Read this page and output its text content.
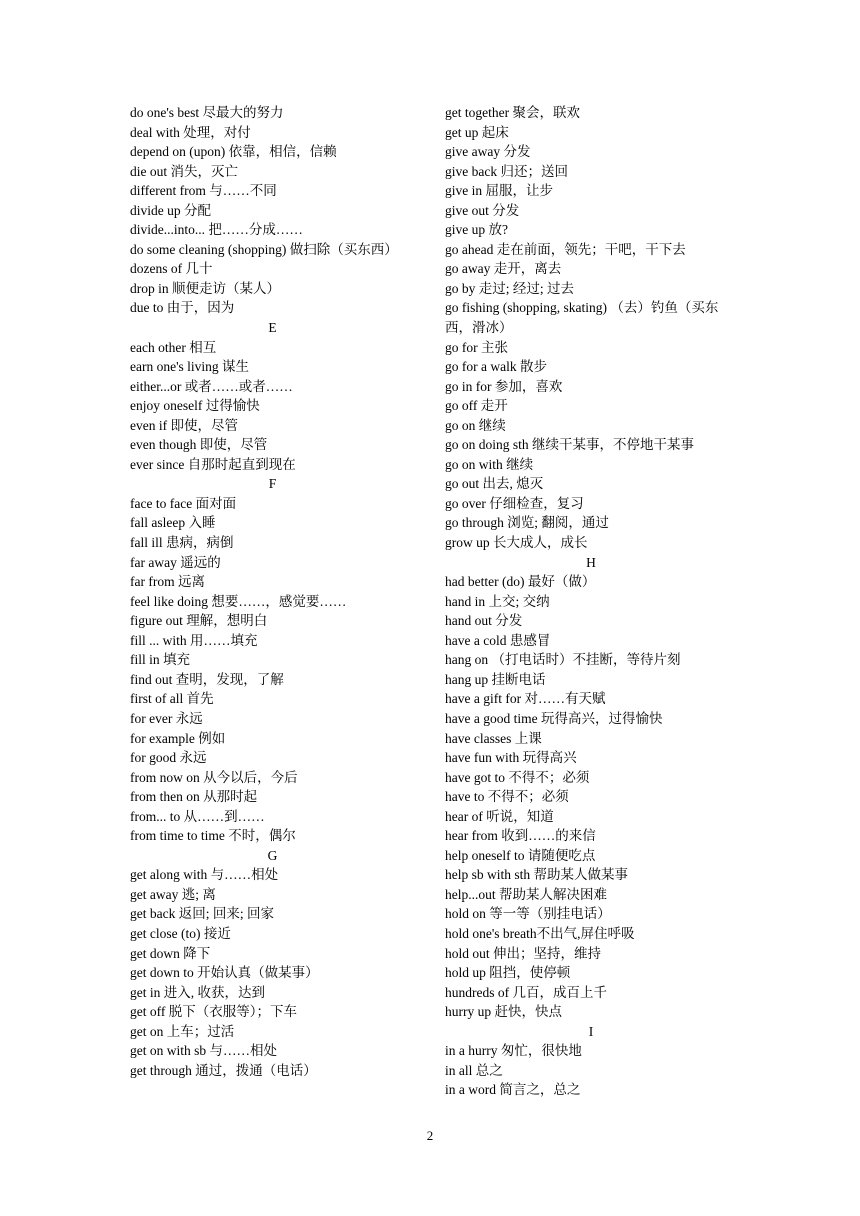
do one's best 尽最大的努力
deal with 处理，对付
depend on (upon) 依靠，相信，信赖
die out 消失，灭亡
different from 与……不同
divide up 分配
divide...into... 把……分成……
do some cleaning (shopping) 做扫除（买东西）
dozens of 几十
drop in 顺便走访（某人）
due to 由于，因为
E
each other 相互
earn one's living 谋生
either...or 或者……或者……
enjoy oneself 过得愉快
even if 即使，尽管
even though 即使，尽管
ever since 自那时起直到现在
F
face to face 面对面
fall asleep 入睡
fall ill 患病，病倒
far away 遥远的
far from 远离
feel like doing 想要……，感觉要……
figure out 理解，想明白
fill ... with 用……填充
fill in 填充
find out 查明，发现，了解
first of all 首先
for ever 永远
for example 例如
for good 永远
from now on 从今以后，今后
from then on 从那时起
from... to 从……到……
from time to time 不时，偶尔
G
get along with 与……相处
get away 逃; 离
get back 返回; 回来; 回家
get close (to) 接近
get down 降下
get down to 开始认真（做某事）
get in 进入, 收获，达到
get off 脱下（衣服等）；下车
get on 上车；过活
get on with sb 与……相处
get through 通过，拨通（电话）
get together 聚会，联欢
get up 起床
give away 分发
give back 归还；送回
give in 屈服，让步
give out 分发
give up 放?
go ahead 走在前面，领先；干吧，干下去
go away 走开，离去
go by 走过; 经过; 过去
go fishing (shopping, skating) （去）钓鱼（买东西，滑冰）
go for 主张
go for a walk 散步
go in for 参加，喜欢
go off 走开
go on 继续
go on doing sth 继续干某事，不停地干某事
go on with 继续
go out 出去, 熄灭
go over 仔细检查，复习
go through 浏览; 翻阅，通过
grow up 长大成人，成长
H
had better (do) 最好（做）
hand in 上交; 交纳
hand out 分发
have a cold 患感冒
hang on （打电话时）不挂断，等待片刻
hang up 挂断电话
have a gift for 对……有天赋
have a good time 玩得高兴，过得愉快
have classes 上课
have fun with 玩得高兴
have got to 不得不；必须
have to 不得不；必须
hear of 听说，知道
hear from 收到……的来信
help oneself to 请随便吃点
help sb with sth 帮助某人做某事
help...out 帮助某人解决困难
hold on 等一等（别挂电话）
hold one's breath不出气,屏住呼吸
hold out 伸出；坚持，维持
hold up 阻挡，使停顿
hundreds of 几百，成百上千
hurry up 赶快，快点
I
in a hurry 匆忙，很快地
in all 总之
in a word 简言之，总之
2
